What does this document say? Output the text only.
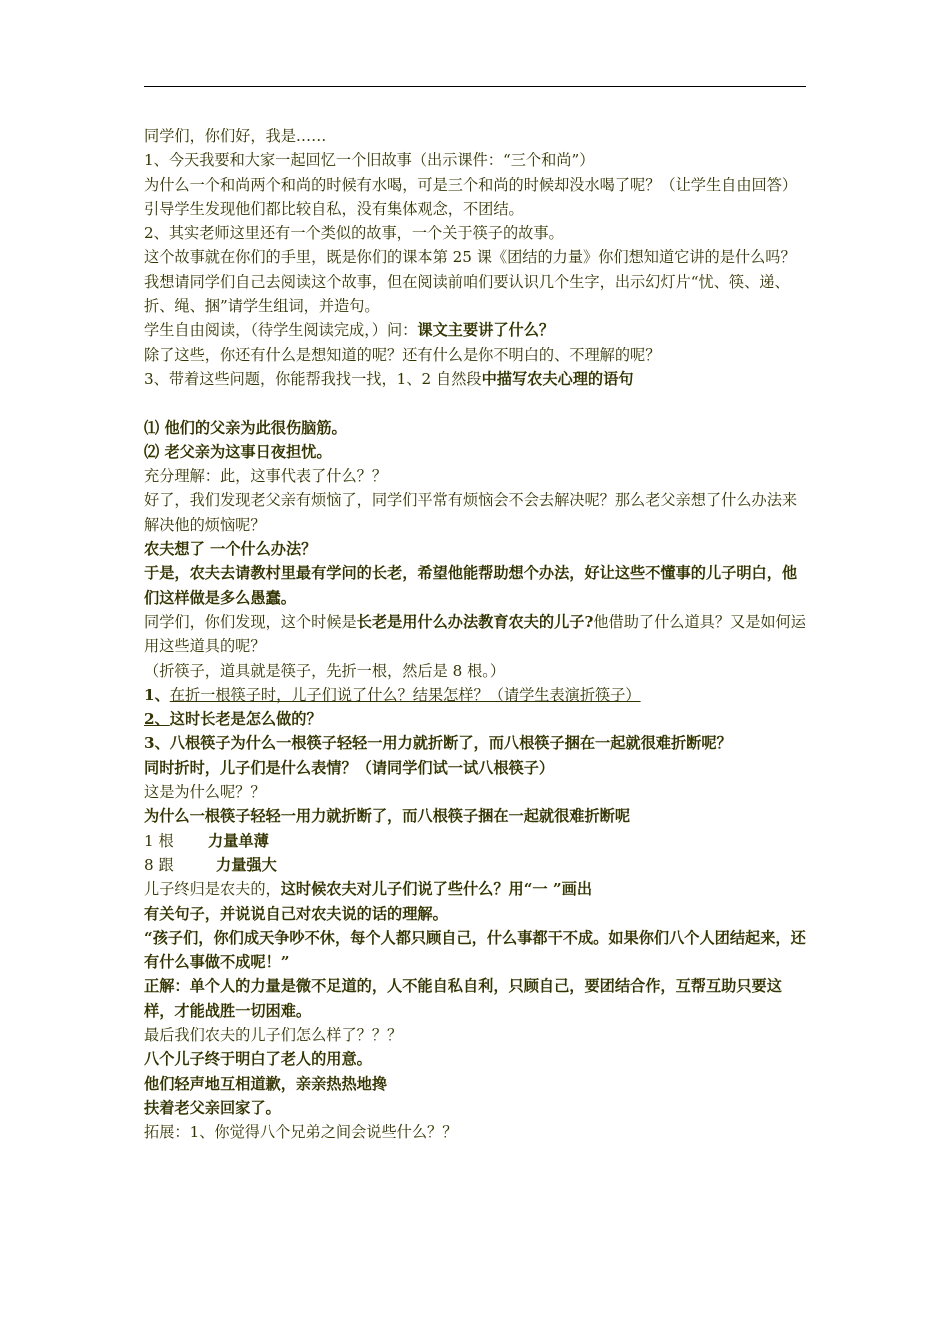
同学们，你们好，我是……

1、今天我要和大家一起回忆一个旧故事（出示课件：“三个和尚”）

为什么一个和尚两个和尚的时候有水喝，可是三个和尚的时候却没水喝了呢？（让学生自由回答）

引导学生发现他们都比较自私，没有集体观念，不团结。

2、其实老师这里还有一个类似的故事，一个关于筷子的故事。

这个故事就在你们的手里，既是你们的课本第 25 课《团结的力量》你们想知道它讲的是什么吗？

我想请同学们自己去阅读这个故事，但在阅读前咱们要认识几个生字，出示幻灯片“忧、筷、递、折、绳、捆”请学生组词，并造句。

学生自由阅读，（待学生阅读完成，）问：课文主要讲了什么？

除了这些，你还有什么是想知道的呢？还有什么是你不明白的、不理解的呢？

3、带着这些问题，你能帮我找一找，1、2 自然段中描写农夫心理的语句

⑴ 他们的父亲为此很伤脑筋。

⑵ 老父亲为这事日夜担忧。

充分理解：此，这事代表了什么？？

好了，我们发现老父亲有烦恼了，同学们平常有烦恼会不会去解决呢？那么老父亲想了什么办法来解决他的烦恼呢？

农夫想了 一个什么办法？

于是，农夫去请教村里最有学问的长老，希望他能帮助想个办法，好让这些不懂事的儿子明白，他们这样做是多么愚蠢。

同学们，你们发现，这个时候是长老是用什么办法教育农夫的儿子?他借助了什么道具？又是如何运用这些道具的呢？

（折筷子，道具就是筷子，先折一根，然后是 8 根。）

1、在折一根筷子时，儿子们说了什么？结果怎样？（请学生表演折筷子）

2、这时长老是怎么做的？

3、八根筷子为什么一根筷子轻轻一用力就折断了，而八根筷子捆在一起就很难折断呢？

同时折时，儿子们是什么表情？（请同学们试一试八根筷子）

这是为什么呢？？

为什么一根筷子轻轻一用力就折断了，而八根筷子捆在一起就很难折断呢

1 根 力量单薄

8 跟	力量强大

儿子终归是农夫的，这时候农夫对儿子们说了些什么？用“一 ”画出

有关句子，并说说自己对农夫说的话的理解。

“孩子们，你们成天争吵不休，每个人都只顾自己，什么事都干不成。如果你们八个人团结起来，还有什么事做不成呢！”

正解：单个人的力量是微不足道的，人不能自私自利，只顾自己，要团结合作，互帮互助只要这样，才能战胜一切困难。

最后我们农夫的儿子们怎么样了？？？

八个儿子终于明白了老人的用意。

他们轻声地互相道歉，亲亲热热地搀

扶着老父亲回家了。

拓展：1、你觉得八个兄弟之间会说些什么？？
